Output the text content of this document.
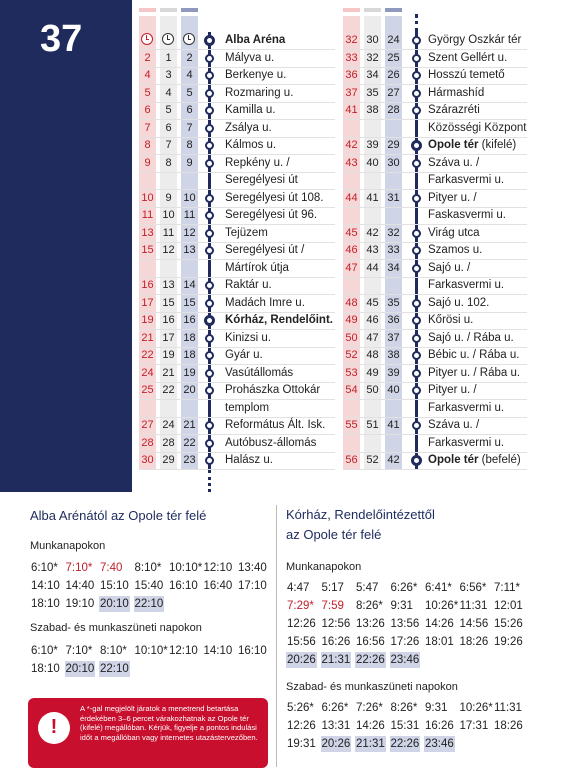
37	Alba Aréna
2	1	2	Mályva u.
4	3	4	Berkenye u.
5	4	5	Rozmaring u.
6	5	6	Kamilla u.
7	6	7	Zsálya u.
8	7	8	Kálmos u.
9	8	9	Repkény u. /
Seregélyesi út
10	9	10	Seregélyesi út 108.
11 10 11	Seregélyesi út 96.
13 11 12	Tejüzem
15 12 13	Seregélyesi út /
Mártírok útja
16 13 14	Raktár u.
17 15 15	Madách Imre u.
19 16 16	Kórház, Rendelőint.
21 17 18	Kinizsi u.
22 19 18	Gyár u.
24 21 19	Vasútállomás
25 22 20	Prohászka Ottokár
templom
27 24 21	Református Ált. Isk.
28 28 22	Autóbusz-állomás
30 29 23	Halász u.
32 30 24 György Oszkár tér
33 32 25 Szent Gellért u.
36 34 26 Hosszú temető
37 35 27 Hármashíd
41 38 28 Szárazréti
Közösségi Központ
42 39 29 Opole tér (kifelé)
43 40 30 Száva u. /
Farkasvermi u.
44 41 31 Pityer u. /
Faskasvermi u.
45 42 32 Virág utca
46 43 33 Szamos u.
47 44 34 Sajó u. /
Farkasvermi u.
48 45 35 Sajó u. 102.
49 46 36 Kőrösi u.
50 47 37 Sajó u. / Rába u.
52 48 38 Bébic u. / Rába u.
53 49 39 Pityer u. / Rába u.
54 50 40 Pityer u. /
Farkasvermi u.
55 51 41 Száva u. /
Farkasvermi u.
56 52 42 Opole tér (befelé)
Alba Arénától az Opole tér felé
Munkanapokon
6:10* 7:10* 7:40 8:10* 10:10* 12:10 13:40
14:10 14:40 15:10 15:40 16:10 16:40 17:10
18:10 19:10 20:10 22:10
Szabad- és munkaszüneti napokon
6:10* 7:10* 8:10* 10:10* 12:10 14:10 16:10
18:10 20:10 22:10
Kórház, Rendelőintézettől
az Opole tér felé
Munkanapokon
4:47 5:17 5:47 6:26* 6:41* 6:56* 7:11*
7:29* 7:59 8:26* 9:31 10:26* 11:31 12:01
12:26 12:56 13:26 13:56 14:26 14:56 15:26
15:56 16:26 16:56 17:26 18:01 18:26 19:26
20:26 21:31 22:26 23:46
Szabad- és munkaszüneti napokon
5:26* 6:26* 7:26* 8:26* 9:31 10:26* 11:31
12:26 13:31 14:26 15:31 16:26 17:31 18:26
19:31 20:26 21:31 22:26 23:46
!
A *-gal megjelölt járatok a menetrend betartása érdekében 3–6 percet várakozhatnak az Opole tér (kifelé) megállóban. Kérjük, figyelje a pontos indulási időt a megállóban vagy internetes utazástervezőben.
